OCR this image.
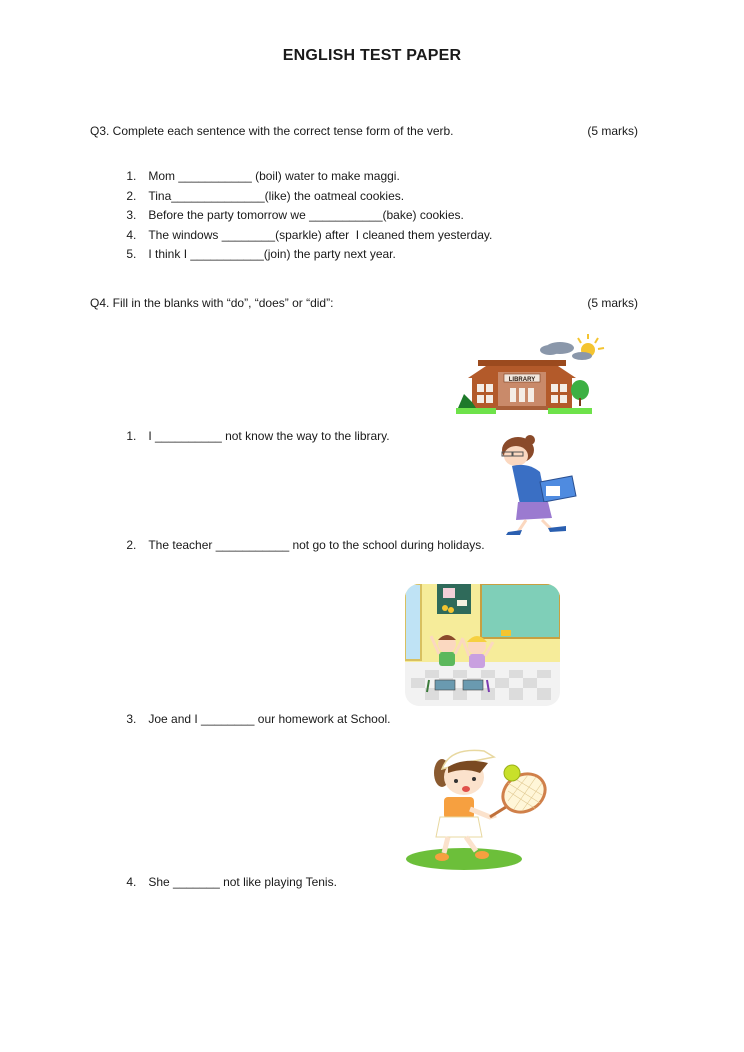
ENGLISH TEST PAPER
Q3. Complete each sentence with the correct tense form of the verb.	(5 marks)

1. Mom ___________ (boil) water to make maggi.

2. Tina______________(like) the oatmeal cookies.

3. Before the party tomorrow we ___________(bake) cookies.

4. The windows ________(sparkle) after  I cleaned them yesterday.

5. I think I ___________(join) the party next year.

Q4. Fill in the blanks with “do”, “does” or “did”:	(5 marks)
LIBRARY

1. I __________ not know the way to the library.

2. The teacher ___________ not go to the school during holidays.

3. Joe and I ________ our homework at School.

4. She _______ not like playing Tenis.
